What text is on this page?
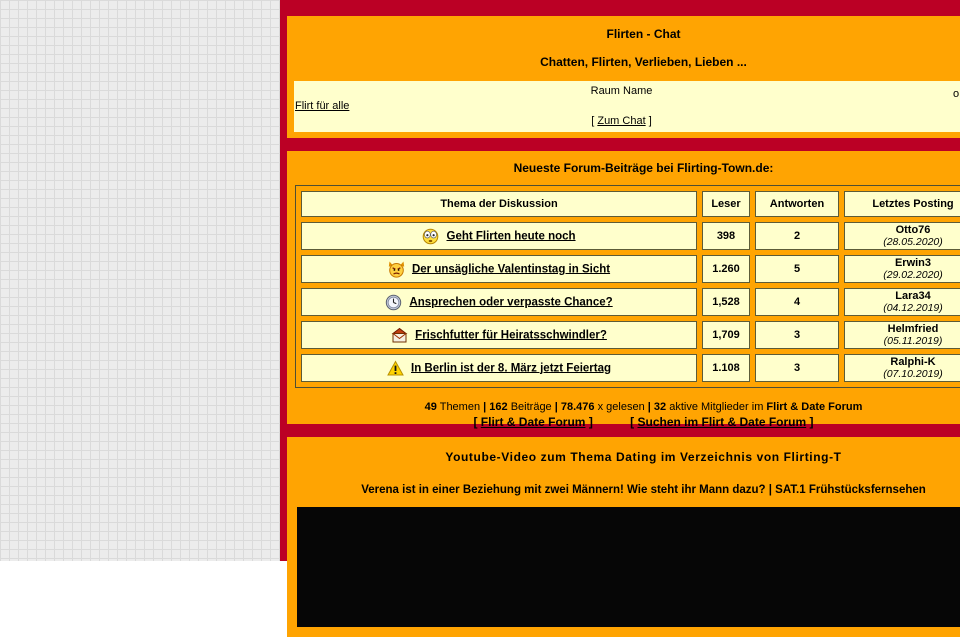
Flirten - Chat
Chatten, Flirten, Verlieben, Lieben ...
Raum Name	o
Flirt für alle
[ Zum Chat ]
Neueste Forum-Beiträge bei Flirting-Town.de:
Thema der Diskussion	Leser	Antworten	Letztes Posting
Geht Flirten heute noch	398	2	Otto76
(28.05.2020)

Der unsägliche Valentinstag in Sicht	1.260	5	Erwin3
(29.02.2020)

Ansprechen oder verpasste Chance?	1,528	4	Lara34
(04.12.2019)

Frischfutter für Heiratsschwindler?	1,709	3	Helmfried
(05.11.2019)

In Berlin ist der 8. März jetzt Feiertag	1.108	3	Ralphi-K
(07.10.2019)
49 Themen | 162 Beiträge | 78.476 x gelesen | 32 aktive Mitglieder im Flirt & Date Forum
[ Flirt & Date Forum ]	[ Suchen im Flirt & Date Forum ]
Youtube-Video zum Thema Dating im Verzeichnis von Flirting-T
Verena ist in einer Beziehung mit zwei Männern! Wie steht ihr Mann dazu? | SAT.1 Frühstücksfernsehen
